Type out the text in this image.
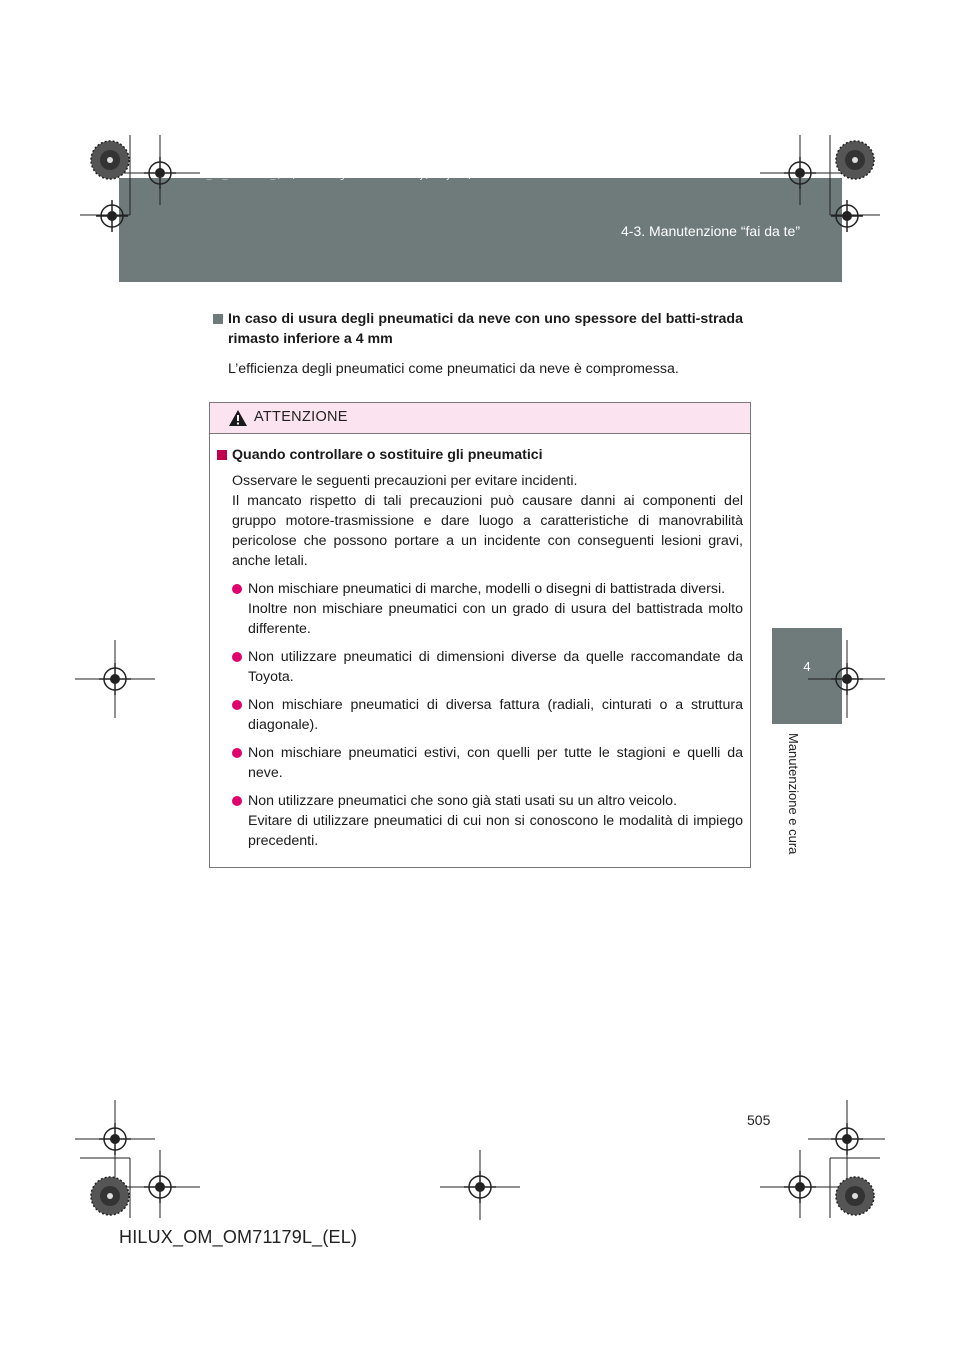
HILUX_OM_OM71179L_(EL).book Page 505 Wednesday, May 16, 2012 11:37 AM
4-3. Manutenzione “fai da te”
4
Manutenzione e cura
In caso di usura degli pneumatici da neve con uno spessore del batti-strada rimasto inferiore a 4 mm
L’efficienza degli pneumatici come pneumatici da neve è compromessa.
ATTENZIONE
Quando controllare o sostituire gli pneumatici

Osservare le seguenti precauzioni per evitare incidenti.

Il mancato rispetto di tali precauzioni può causare danni ai componenti del gruppo motore-trasmissione e dare luogo a caratteristiche di manovrabilità pericolose che possono portare a un incidente con conseguenti lesioni gravi, anche letali.

Non mischiare pneumatici di marche, modelli o disegni di battistrada diversi.
Inoltre non mischiare pneumatici con un grado di usura del battistrada molto differente.
Non utilizzare pneumatici di dimensioni diverse da quelle raccomandate da Toyota.
Non mischiare pneumatici di diversa fattura (radiali, cinturati o a struttura diagonale).
Non mischiare pneumatici estivi, con quelli per tutte le stagioni e quelli da neve.
Non utilizzare pneumatici che sono già stati usati su un altro veicolo.
Evitare di utilizzare pneumatici di cui non si conoscono le modalità di impiego precedenti.
505
HILUX_OM_OM71179L_(EL)
